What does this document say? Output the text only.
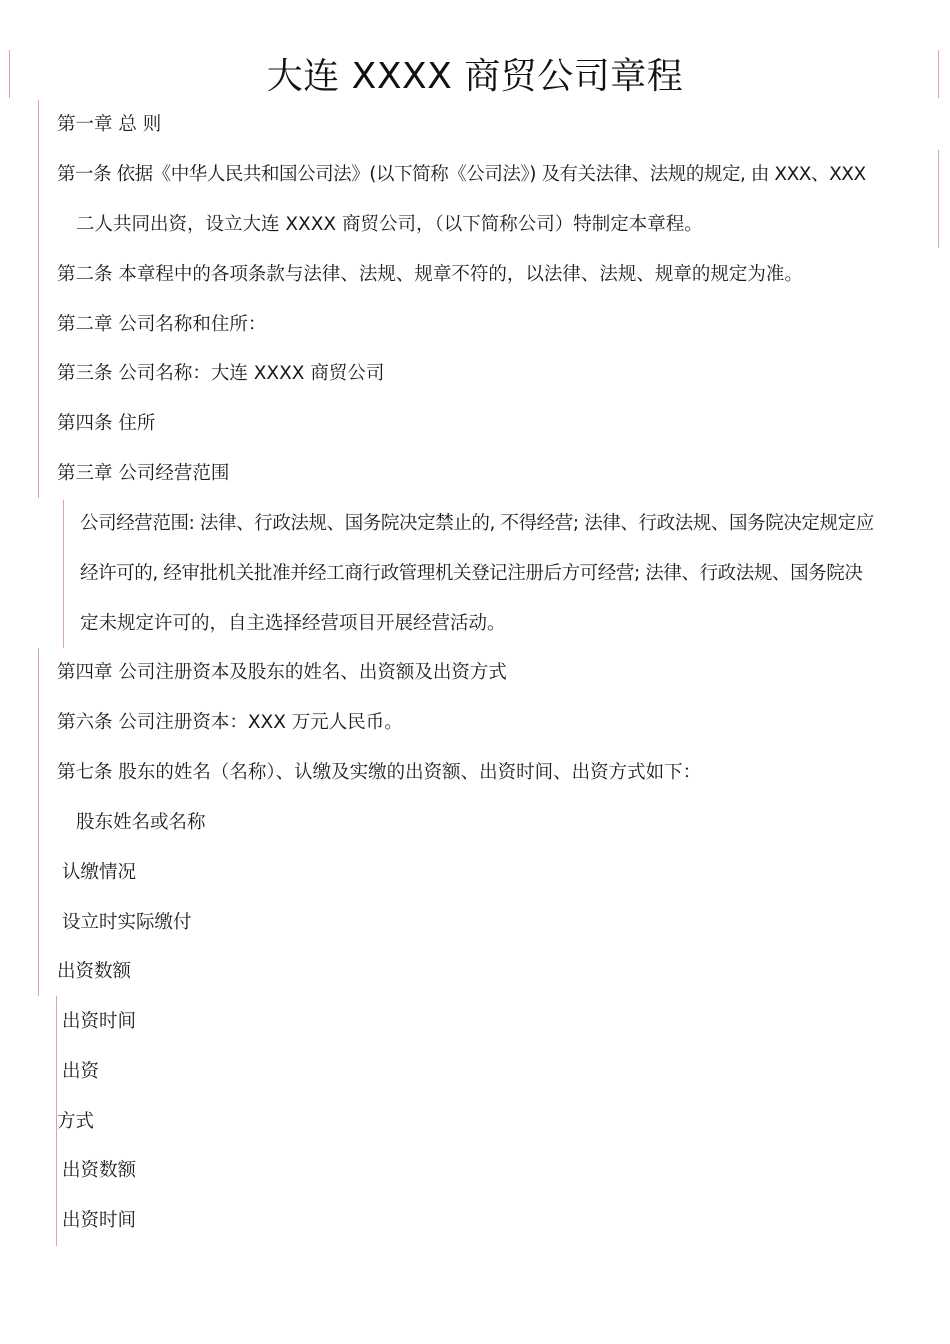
大连 XXXX 商贸公司章程
第一章 总 则
第一条 依据《中华人民共和国公司法》(以下简称《公司法》) 及有关法律、法规的规定, 由 XXX、XXX
二人共同出资，设立大连 XXXX 商贸公司，（以下简称公司）特制定本章程。
第二条 本章程中的各项条款与法律、法规、规章不符的，以法律、法规、规章的规定为准。
第二章 公司名称和住所：
第三条 公司名称：大连 XXXX 商贸公司
第四条 住所
第三章 公司经营范围
公司经营范围: 法律、行政法规、国务院决定禁止的, 不得经营; 法律、行政法规、国务院决定规定应
经许可的, 经审批机关批准并经工商行政管理机关登记注册后方可经营; 法律、行政法规、国务院决
定未规定许可的，自主选择经营项目开展经营活动。
第四章 公司注册资本及股东的姓名、出资额及出资方式
第六条 公司注册资本：XXX 万元人民币。
第七条 股东的姓名（名称）、认缴及实缴的出资额、出资时间、出资方式如下：
股东姓名或名称
认缴情况
设立时实际缴付
出资数额
出资时间
出资
方式
出资数额
出资时间
